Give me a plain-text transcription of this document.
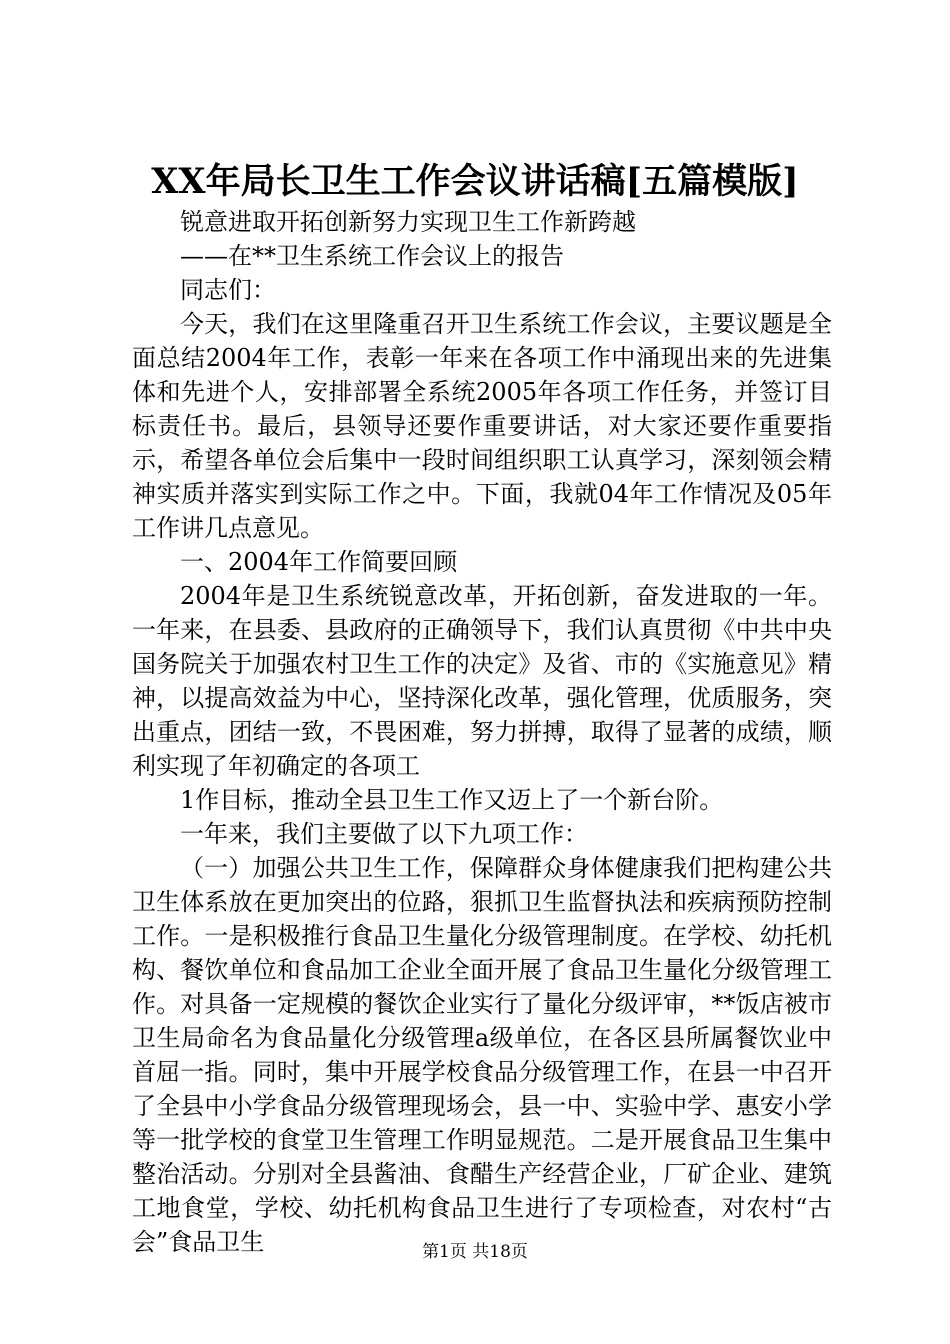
XX年局长卫生工作会议讲话稿[五篇模版]

锐意进取开拓创新努力实现卫生工作新跨越

——在**卫生系统工作会议上的报告

同志们：

今天，我们在这里隆重召开卫生系统工作会议，主要议题是全面总结2004年工作，表彰一年来在各项工作中涌现出来的先进集体和先进个人，安排部署全系统2005年各项工作任务，并签订目标责任书。最后，县领导还要作重要讲话，对大家还要作重要指示，希望各单位会后集中一段时间组织职工认真学习，深刻领会精神实质并落实到实际工作之中。下面，我就04年工作情况及05年工作讲几点意见。

一、2004年工作简要回顾

2004年是卫生系统锐意改革，开拓创新，奋发进取的一年。一年来，在县委、县政府的正确领导下，我们认真贯彻《中共中央国务院关于加强农村卫生工作的决定》及省、市的《实施意见》精神，以提高效益为中心，坚持深化改革，强化管理，优质服务，突出重点，团结一致，不畏困难，努力拼搏，取得了显著的成绩，顺利实现了年初确定的各项工

1作目标，推动全县卫生工作又迈上了一个新台阶。

一年来，我们主要做了以下九项工作：

（一）加强公共卫生工作，保障群众身体健康我们把构建公共卫生体系放在更加突出的位路，狠抓卫生监督执法和疾病预防控制工作。一是积极推行食品卫生量化分级管理制度。在学校、幼托机构、餐饮单位和食品加工企业全面开展了食品卫生量化分级管理工作。对具备一定规模的餐饮企业实行了量化分级评审，**饭店被市卫生局命名为食品量化分级管理a级单位，在各区县所属餐饮业中首屈一指。同时，集中开展学校食品分级管理工作，在县一中召开了全县中小学食品分级管理现场会，县一中、实验中学、惠安小学等一批学校的食堂卫生管理工作明显规范。二是开展食品卫生集中整治活动。分别对全县酱油、食醋生产经营企业，厂矿企业、建筑工地食堂，学校、幼托机构食品卫生进行了专项检查，对农村“古会”食品卫生	第1页 共18页
